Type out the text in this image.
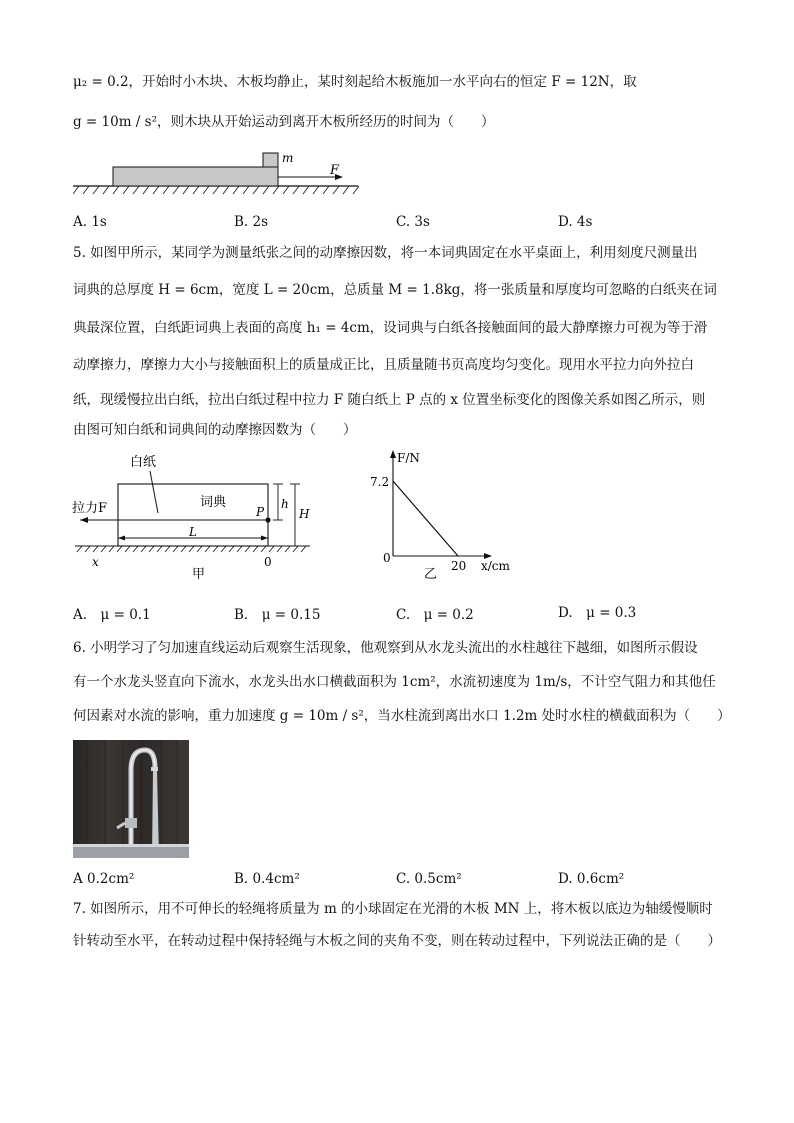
μ₂ = 0.2，开始时小木块、木板均静止，某时刻起给木板施加一水平向右的恒定 F = 12N，取
g = 10m / s²，则木块从开始运动到离开木板所经历的时间为（　　）
m
F
A. 1s	B. 2s	C. 3s	D. 4s
5. 如图甲所示，某同学为测量纸张之间的动摩擦因数，将一本词典固定在水平桌面上，利用刻度尺测量出
词典的总厚度 H = 6cm，宽度 L = 20cm，总质量 M = 1.8kg，将一张质量和厚度均可忽略的白纸夹在词
典最深位置，白纸距词典上表面的高度 h₁ = 4cm，设词典与白纸各接触面间的最大静摩擦力可视为等于滑
动摩擦力，摩擦力大小与接触面积上的质量成正比，且质量随书页高度均匀变化。现用水平拉力向外拉白
纸，现缓慢拉出白纸，拉出白纸过程中拉力 F 随白纸上 P 点的 x 位置坐标变化的图像关系如图乙所示，则
由图可知白纸和词典间的动摩擦因数为（　　）
白纸
词典
拉力F	P
h
H
L
x	0
甲
F/N
x/cm
7.2
20
0
乙
A.　μ = 0.1	B.　μ = 0.15	C.　μ = 0.2	D.　μ = 0.3
6. 小明学习了匀加速直线运动后观察生活现象，他观察到从水龙头流出的水柱越往下越细，如图所示假设
有一个水龙头竖直向下流水，水龙头出水口横截面积为 1cm²，水流初速度为 1m/s，不计空气阻力和其他任
何因素对水流的影响，重力加速度 g = 10m / s²，当水柱流到离出水口 1.2m 处时水柱的横截面积为（　　）
A 0.2cm²	B. 0.4cm²	C. 0.5cm²	D. 0.6cm²
7. 如图所示，用不可伸长的轻绳将质量为 m 的小球固定在光滑的木板 MN 上，将木板以底边为轴缓慢顺时
针转动至水平，在转动过程中保持轻绳与木板之间的夹角不变，则在转动过程中，下列说法正确的是（　　）
